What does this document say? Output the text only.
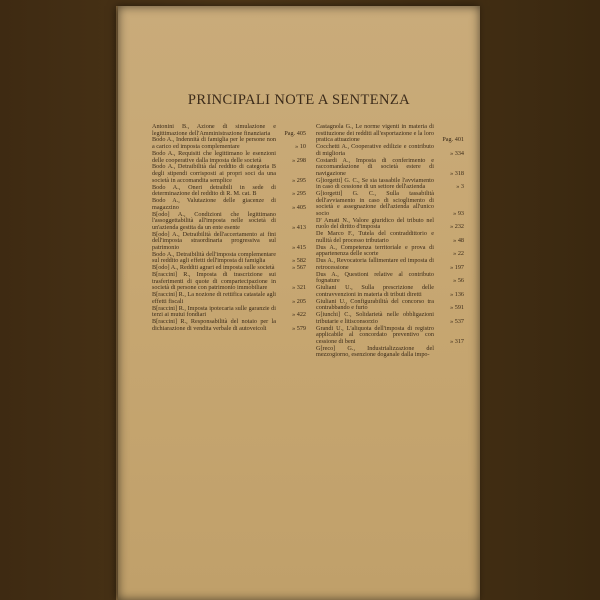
PRINCIPALI NOTE A SENTENZA
Antonini B., Azione di simulazione e legittimazione dell'Amministrazione finanziaria	Pag. 405
Bodo A., Indennità di famiglia per le persone non a carico ed imposta complementare	» 10
Bodo A., Requisiti che legittimano le esenzioni delle cooperative dalla imposta delle società	» 298
Bodo A., Detraibilità dal reddito di categoria B degli stipendi corrisposti ai propri soci da una società in accomandita semplice	» 295
Bodo A., Oneri detraibili in sede di determinazione del reddito di R. M. cat. B	» 295
Bodo A., Valutazione delle giacenze di magazzino	» 405
B[odo] A., Condizioni che legittimano l'assoggettabilità all'imposta nelle società di un'azienda gestita da un ente esente	» 413
B[odo] A., Detraibilità dell'accertamento ai fini dell'imposta straordinaria progressiva sul patrimonio	» 415
Bodo A., Detraibilità dell'imposta complementare sul reddito agli effetti dell'imposta di famiglia	» 582
B[odo] A., Redditi agrari ed imposta sulle società	» 567
B[raccini] R., Imposta di trascrizione sui trasferimenti di quote di compartecipazione in società di persone con patrimonio immobiliare	» 321
B[raccini] R., La nozione di rettifica catastale agli effetti fiscali	» 205
B[raccini] R., Imposta ipotecaria sulle garanzie di terzi ai mutui fondiari	» 422
B[raccini] R., Responsabilità del notaio per la dichiarazione di vendita verbale di autoveicoli	» 579
Castagnola G., Le norme vigenti in materia di restituzione dei redditi all'esportazione e la loro pratica attuazione	Pag. 401
Cocchetti A., Cooperative edilizie e contributo di miglioria	» 334
Costardi A., Imposta di conferimento e raccomandazione di società estere di navigazione	» 318
G[iorgetti] G. C., Se sia tassabile l'avviamento in caso di cessione di un settore dell'azienda	» 3
G[iorgetti] G. C., Sulla tassabilità dell'avviamento in caso di scioglimento di società e assegnazione dell'azienda all'unico socio	» 93
D' Amati N., Valore giuridico del tributo nel ruolo del diritto d'imposta	» 232
De Marco F., Tutela del contraddittorio e nullità del processo tributario	» 48
Dus A., Competenza territoriale e prova di appartenenza delle scorte	» 22
Dus A., Revocatoria fallimentare ed imposta di retrocessione	» 197
Dus A., Questioni relative al contributo fognature	» 56
Giuliani U., Sulla prescrizione delle contravvenzioni in materia di tributi diretti	» 136
Giuliani U., Configurabilità del concorso tra contrabbando e furto	» 591
G[iunchi] C., Solidarietà nelle obbligazioni tributarie e litisconsorzio	» 537
Grandi U., L'aliquota dell'imposta di registro applicabile al concordato preventivo con cessione di beni	» 317
G[reco] G., Industrializzazione del mezzogiorno, esenzione doganale dalla impo-
